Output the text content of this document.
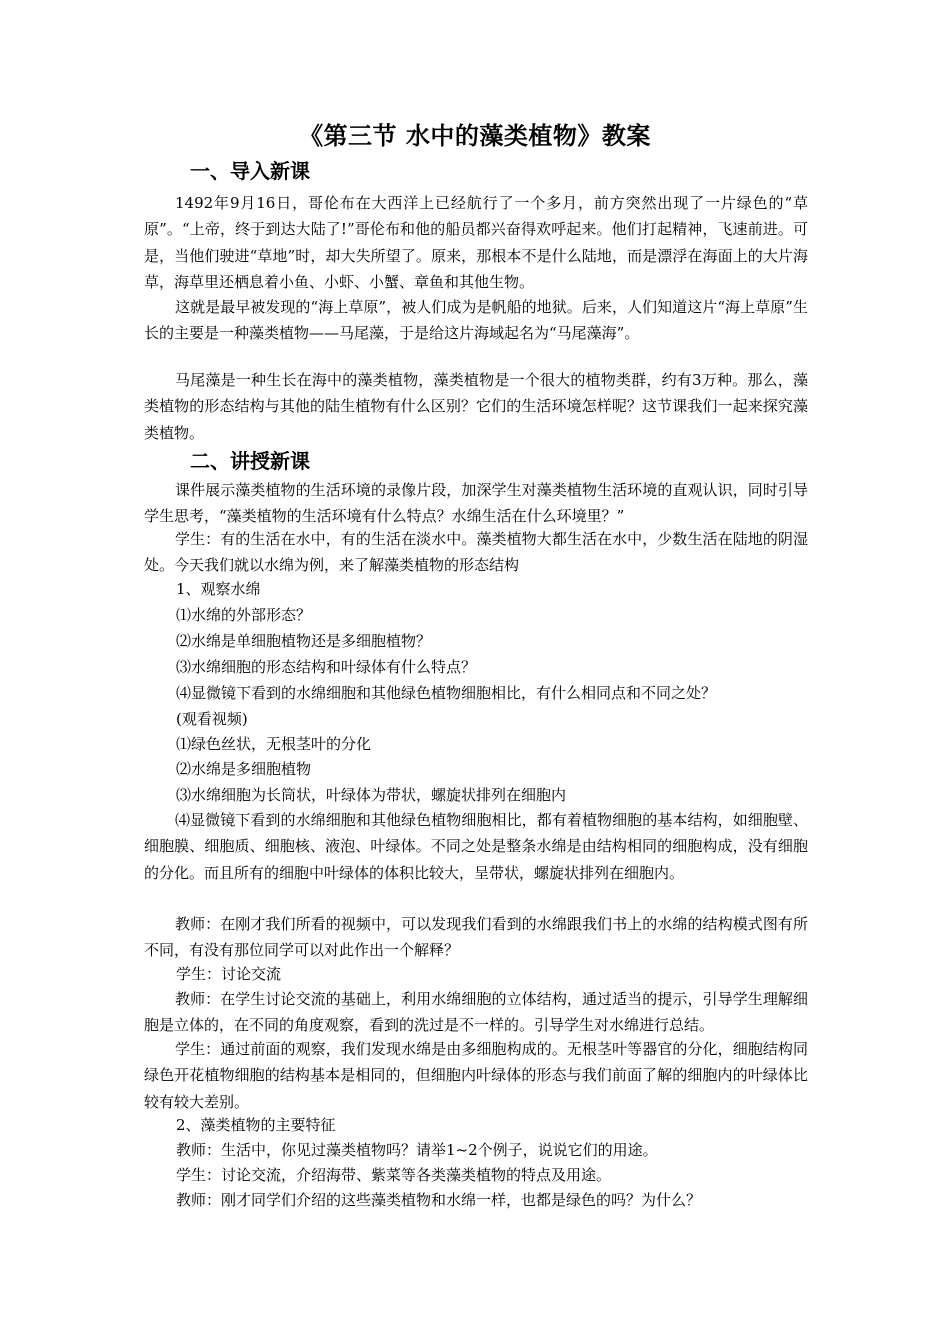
《第三节 水中的藻类植物》教案
一、导入新课
1492年9月16日，哥伦布在大西洋上已经航行了一个多月，前方突然出现了一片绿色的“草原”。“上帝，终于到达大陆了!”哥伦布和他的船员都兴奋得欢呼起来。他们打起精神，飞速前进。可是，当他们驶进“草地”时，却大失所望了。原来，那根本不是什么陆地，而是漂浮在海面上的大片海草，海草里还栖息着小鱼、小虾、小蟹、章鱼和其他生物。
这就是最早被发现的“海上草原”，被人们成为是帆船的地狱。后来，人们知道这片“海上草原”生长的主要是一种藻类植物——马尾藻，于是给这片海域起名为“马尾藻海”。
马尾藻是一种生长在海中的藻类植物，藻类植物是一个很大的植物类群，约有3万种。那么，藻类植物的形态结构与其他的陆生植物有什么区别？它们的生活环境怎样呢？这节课我们一起来探究藻类植物。
二、讲授新课
课件展示藻类植物的生活环境的录像片段，加深学生对藻类植物生活环境的直观认识，同时引导学生思考，“藻类植物的生活环境有什么特点？水绵生活在什么环境里？”
学生：有的生活在水中，有的生活在淡水中。藻类植物大都生活在水中，少数生活在陆地的阴湿处。今天我们就以水绵为例，来了解藻类植物的形态结构
1、观察水绵
⑴水绵的外部形态？
⑵水绵是单细胞植物还是多细胞植物？
⑶水绵细胞的形态结构和叶绿体有什么特点？
⑷显微镜下看到的水绵细胞和其他绿色植物细胞相比，有什么相同点和不同之处？
(观看视频)
⑴绿色丝状，无根茎叶的分化
⑵水绵是多细胞植物
⑶水绵细胞为长筒状，叶绿体为带状，螺旋状排列在细胞内
⑷显微镜下看到的水绵细胞和其他绿色植物细胞相比，都有着植物细胞的基本结构，如细胞壁、细胞膜、细胞质、细胞核、液泡、叶绿体。不同之处是整条水绵是由结构相同的细胞构成，没有细胞的分化。而且所有的细胞中叶绿体的体积比较大，呈带状，螺旋状排列在细胞内。
教师：在刚才我们所看的视频中，可以发现我们看到的水绵跟我们书上的水绵的结构模式图有所不同，有没有那位同学可以对此作出一个解释？
学生：讨论交流
教师：在学生讨论交流的基础上，利用水绵细胞的立体结构，通过适当的提示，引导学生理解细胞是立体的，在不同的角度观察，看到的洗过是不一样的。引导学生对水绵进行总结。
学生：通过前面的观察，我们发现水绵是由多细胞构成的。无根茎叶等器官的分化，细胞结构同绿色开花植物细胞的结构基本是相同的，但细胞内叶绿体的形态与我们前面了解的细胞内的叶绿体比较有较大差别。
2、藻类植物的主要特征
教师：生活中，你见过藻类植物吗？请举1~2个例子，说说它们的用途。
学生：讨论交流，介绍海带、紫菜等各类藻类植物的特点及用途。
教师：刚才同学们介绍的这些藻类植物和水绵一样，也都是绿色的吗？为什么？
